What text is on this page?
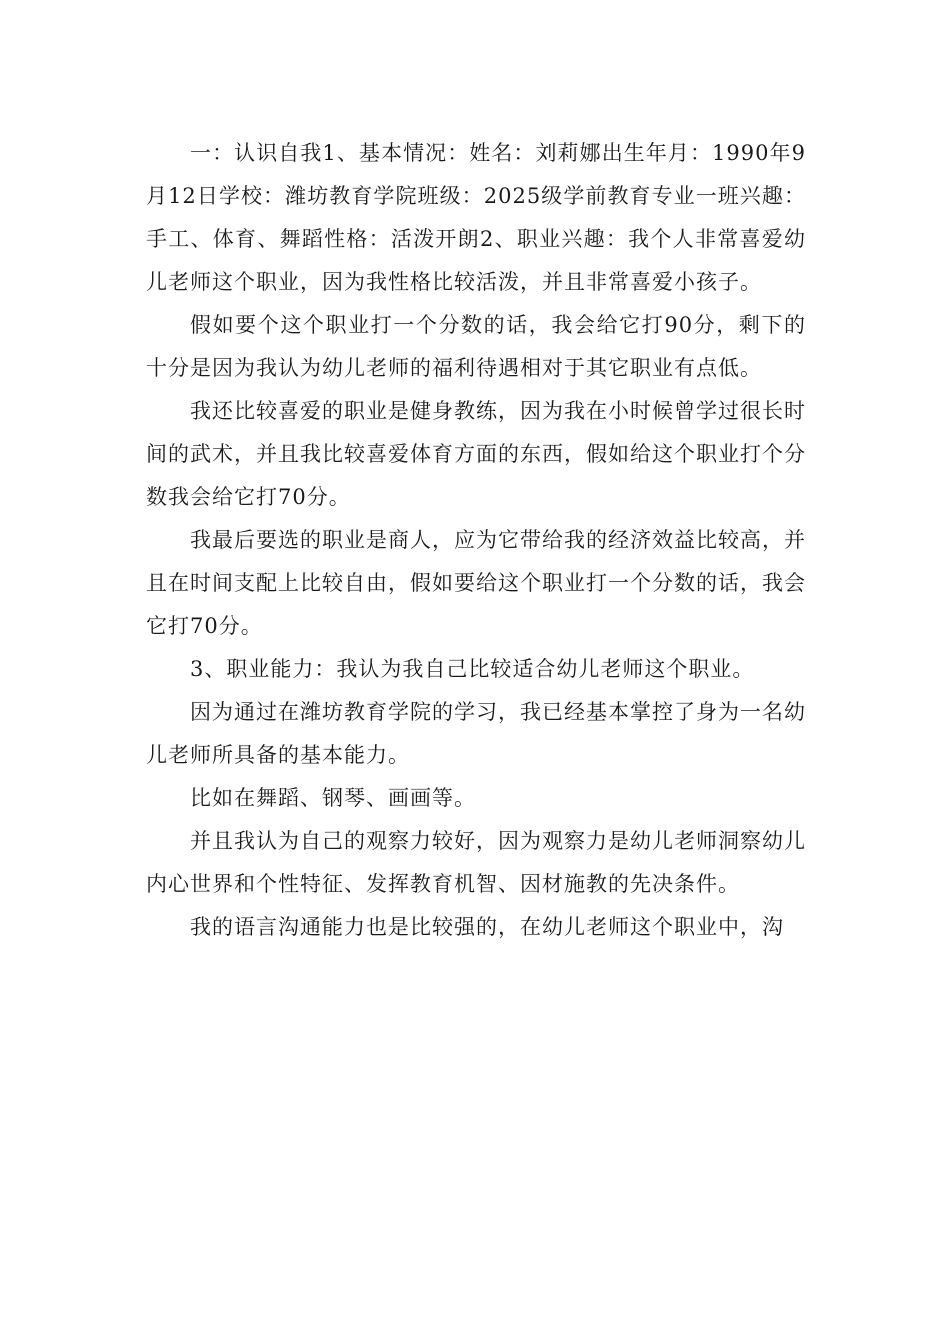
一：认识自我1、基本情况：姓名：刘莉娜出生年月：1990年9月12日学校：潍坊教育学院班级：2025级学前教育专业一班兴趣：手工、体育、舞蹈性格：活泼开朗2、职业兴趣：我个人非常喜爱幼儿老师这个职业，因为我性格比较活泼，并且非常喜爱小孩子。

假如要个这个职业打一个分数的话，我会给它打90分，剩下的十分是因为我认为幼儿老师的福利待遇相对于其它职业有点低。

我还比较喜爱的职业是健身教练，因为我在小时候曾学过很长时间的武术，并且我比较喜爱体育方面的东西，假如给这个职业打个分数我会给它打70分。

我最后要选的职业是商人，应为它带给我的经济效益比较高，并且在时间支配上比较自由，假如要给这个职业打一个分数的话，我会它打70分。

3、职业能力：我认为我自己比较适合幼儿老师这个职业。

因为通过在潍坊教育学院的学习，我已经基本掌控了身为一名幼儿老师所具备的基本能力。

比如在舞蹈、钢琴、画画等。

并且我认为自己的观察力较好，因为观察力是幼儿老师洞察幼儿内心世界和个性特征、发挥教育机智、因材施教的先决条件。

我的语言沟通能力也是比较强的，在幼儿老师这个职业中，沟
